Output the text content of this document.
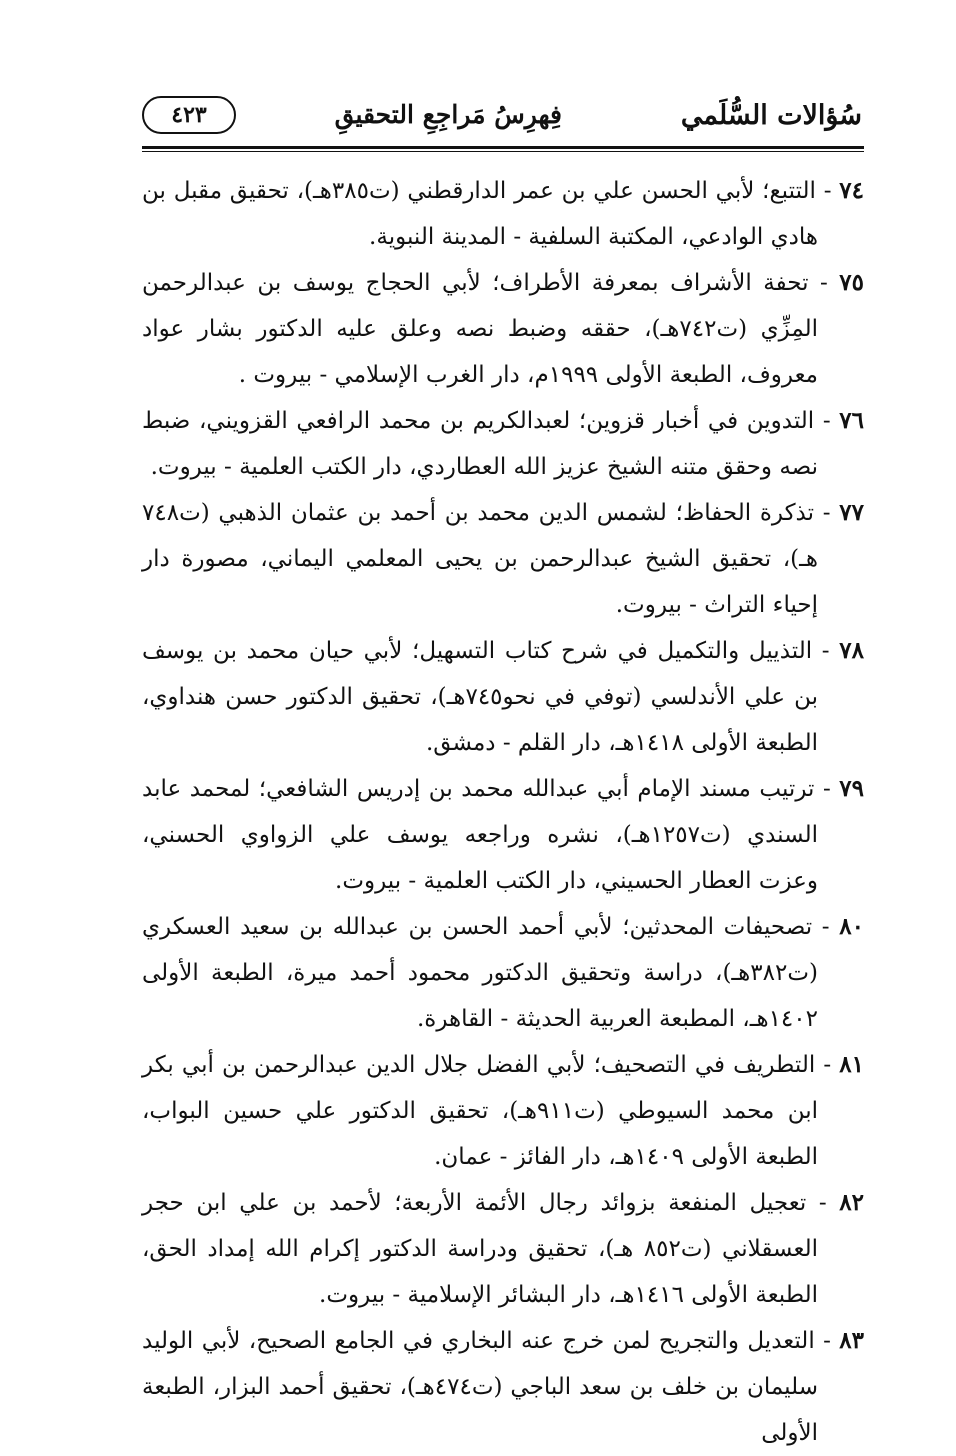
سُؤالات السُّلَمي
فِهرِسُ مَراجِعِ التحقيقِ
٤٢٣

٧٤ - التتبع؛ لأبي الحسن علي بن عمر الدارقطني (ت٣٨٥هـ)، تحقيق مقبل بن هادي الوادعي، المكتبة السلفية - المدينة النبوية.

٧٥ - تحفة الأشراف بمعرفة الأطراف؛ لأبي الحجاج يوسف بن عبدالرحمن المِزِّي (ت٧٤٢هـ)، حققه وضبط نصه وعلق عليه الدكتور بشار عواد معروف، الطبعة الأولى ١٩٩٩م، دار الغرب الإسلامي - بيروت .

٧٦ - التدوين في أخبار قزوين؛ لعبدالكريم بن محمد الرافعي القزويني، ضبط نصه وحقق متنه الشيخ عزيز الله العطاردي، دار الكتب العلمية - بيروت.

٧٧ - تذكرة الحفاظ؛ لشمس الدين محمد بن أحمد بن عثمان الذهبي (ت٧٤٨ هـ)، تحقيق الشيخ عبدالرحمن بن يحيى المعلمي اليماني، مصورة دار إحياء التراث - بيروت.

٧٨ - التذييل والتكميل في شرح كتاب التسهيل؛ لأبي حيان محمد بن يوسف بن علي الأندلسي (توفي في نحو٧٤٥هـ)، تحقيق الدكتور حسن هنداوي، الطبعة الأولى ١٤١٨هـ، دار القلم - دمشق.

٧٩ - ترتيب مسند الإمام أبي عبدالله محمد بن إدريس الشافعي؛ لمحمد عابد السندي (ت١٢٥٧هـ)، نشره وراجعه يوسف علي الزواوي الحسني، وعزت العطار الحسيني، دار الكتب العلمية - بيروت.

٨٠ - تصحيفات المحدثين؛ لأبي أحمد الحسن بن عبدالله بن سعيد العسكري (ت٣٨٢هـ)، دراسة وتحقيق الدكتور محمود أحمد ميرة، الطبعة الأولى ١٤٠٢هـ، المطبعة العربية الحديثة - القاهرة.

٨١ - التطريف في التصحيف؛ لأبي الفضل جلال الدين عبدالرحمن بن أبي بكر ابن محمد السيوطي (ت٩١١هـ)، تحقيق الدكتور علي حسين البواب، الطبعة الأولى ١٤٠٩هـ، دار الفائز - عمان.

٨٢ - تعجيل المنفعة بزوائد رجال الأئمة الأربعة؛ لأحمد بن علي ابن حجر العسقلاني (ت٨٥٢ هـ)، تحقيق ودراسة الدكتور إكرام الله إمداد الحق، الطبعة الأولى ١٤١٦هـ، دار البشائر الإسلامية - بيروت.

٨٣ - التعديل والتجريح لمن خرج عنه البخاري في الجامع الصحيح، لأبي الوليد سليمان بن خلف بن سعد الباجي (ت٤٧٤هـ)، تحقيق أحمد البزار، الطبعة الأولى
